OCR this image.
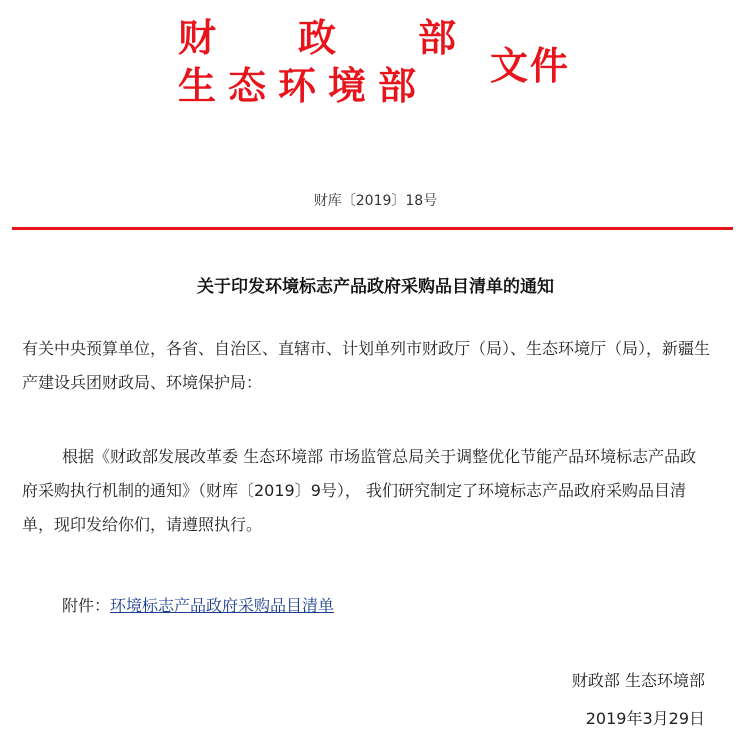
财 政 部
生 态 环 境 部 文件
财库〔2019〕18号
关于印发环境标志产品政府采购品目清单的通知
有关中央预算单位，各省、自治区、直辖市、计划单列市财政厅（局）、生态环境厅（局），新疆生产建设兵团财政局、环境保护局：
根据《财政部发展改革委 生态环境部 市场监管总局关于调整优化节能产品环境标志产品政府采购执行机制的通知》（财库〔2019〕9号）， 我们研究制定了环境标志产品政府采购品目清单，现印发给你们，请遵照执行。
附件：环境标志产品政府采购品目清单
财政部 生态环境部
2019年3月29日
